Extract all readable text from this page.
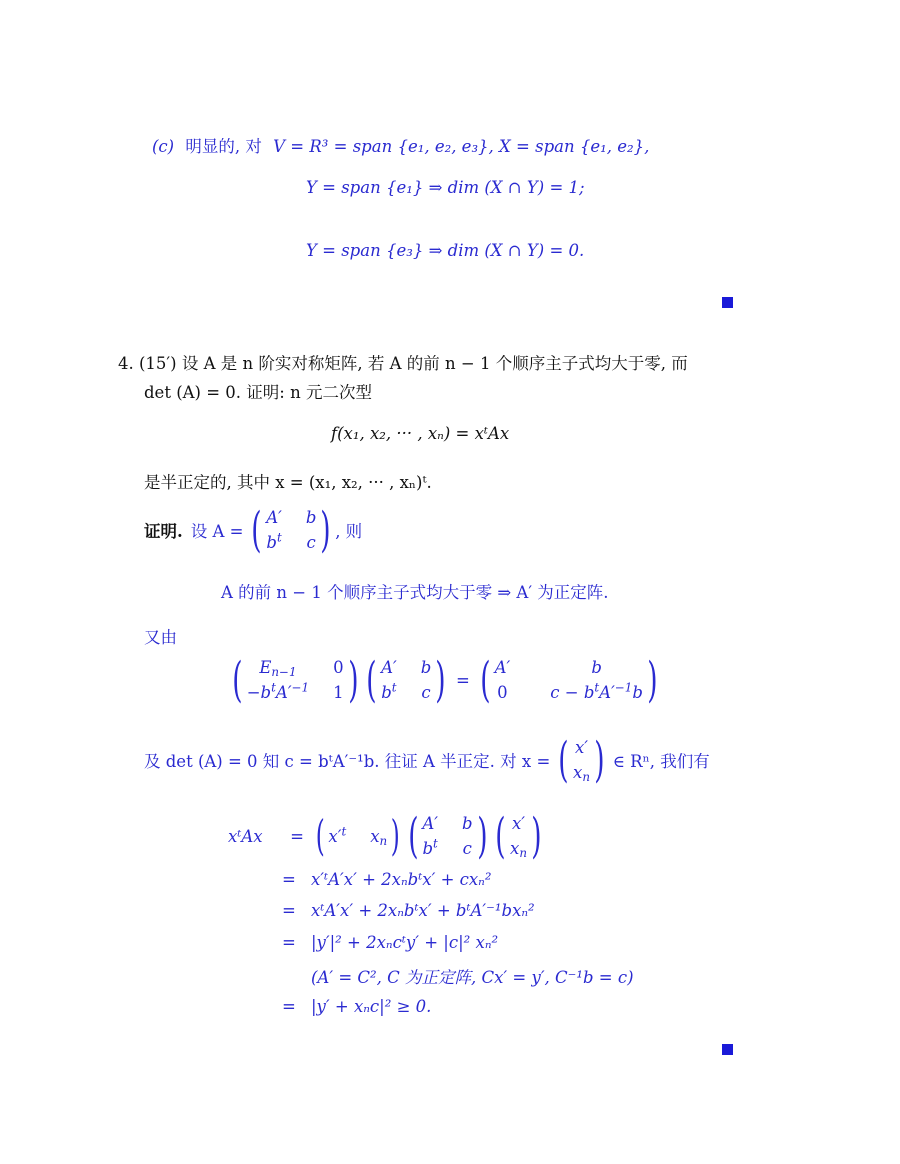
(c) 明显的, 对 V = R³ = span {e₁, e₂, e₃}, X = span {e₁, e₂},
Y = span {e₁} ⇒ dim (X ∩ Y) = 1;
Y = span {e₃} ⇒ dim (X ∩ Y) = 0.
4. (15′) 设 A 是 n 阶实对称矩阵, 若 A 的前 n − 1 个顺序主子式均大于零, 而
det (A) = 0. 证明: n 元二次型
f(x₁, x₂, ··· , xₙ) = xᵗAx
是半正定的, 其中 x = (x₁, x₂, ··· , xₙ)ᵗ.
证明. 设 A = ( A′ b
$b^t$ c ) , 则
A 的前 n − 1 个顺序主子式均大于零 ⇒ A′ 为正定阵.
又由
(	$E_{n-1}$	0
$-b^tA'^{-1}$ 1 ) ( A′ b
$b^t$ c ) = ( A′	b
0	$c - b^tA'^{-1}b$ )
及 det (A) = 0 知 c = bᵗA′⁻¹b. 往证 A 半正定. 对 x = ( x′
$x_n$ ) ∈ Rⁿ, 我们有
xᵗAx	= ( $x'^t$ $x_n$ ) ( A′ b
$b^t$ c ) ( x′
$x_n$ )
= x′ᵗA′x′ + 2xₙbᵗx′ + cxₙ²
= xᵗA′x′ + 2xₙbᵗx′ + bᵗA′⁻¹bxₙ²
= |y′|² + 2xₙcᵗy′ + |c|² xₙ²
(A′ = C², C 为正定阵, Cx′ = y′, C⁻¹b = c)
= |y′ + xₙc|² ≥ 0.
